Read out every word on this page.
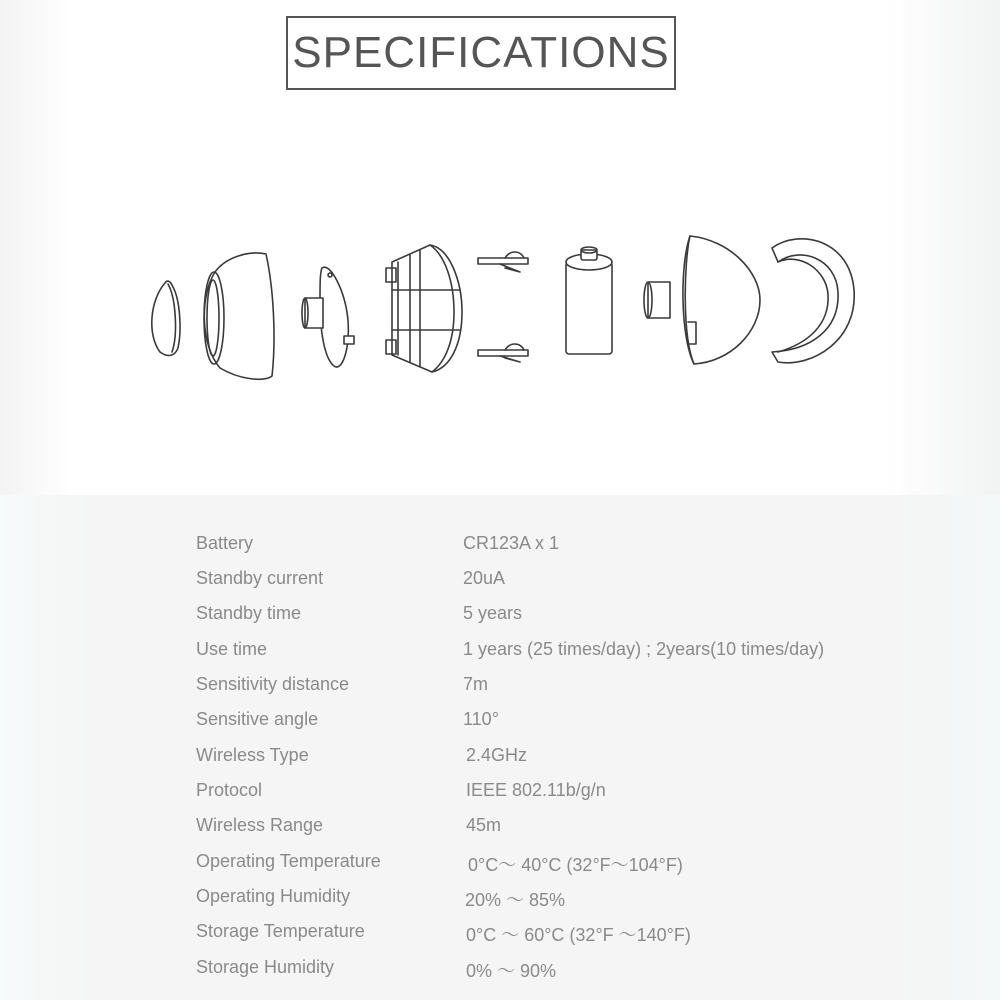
SPECIFICATIONS
Battery	CR123A x 1
Standby current	20uA
Standby time	5 years
Use time	1 years (25 times/day) ; 2years(10 times/day)
Sensitivity distance	7m
Sensitive angle	110°
Wireless Type	2.4GHz
Protocol	IEEE 802.11b/g/n
Wireless Range	45m
Operating Temperature	0°C～ 40°C (32°F～104°F)
Operating Humidity	20% ～ 85%
Storage Temperature	0°C ～ 60°C (32°F ～140°F)
Storage Humidity	0% ～ 90%
